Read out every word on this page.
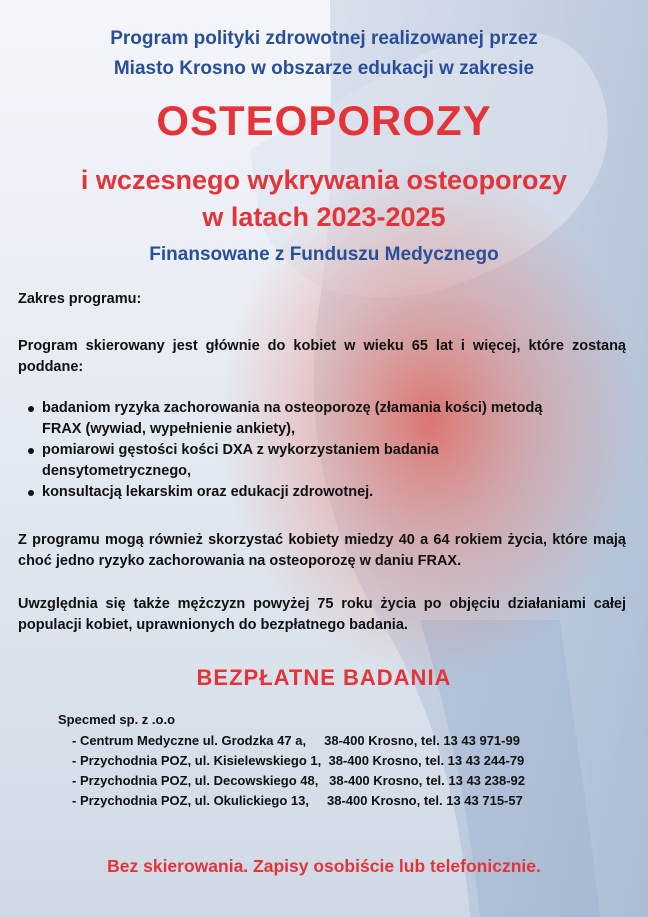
Program polityki zdrowotnej realizowanej przez
Miasto Krosno w obszarze edukacji w zakresie
OSTEOPOROZY
i wczesnego wykrywania osteoporozy
w latach 2023-2025
Finansowane z Funduszu Medycznego
Zakres programu:
Program skierowany jest głównie do kobiet w wieku 65 lat i więcej, które zostaną poddane:
badaniom ryzyka zachorowania na osteoporozę (złamania kości) metodą FRAX (wywiad, wypełnienie ankiety),
pomiarowi gęstości kości DXA z wykorzystaniem badania densytometrycznego,
konsultacją lekarskim oraz edukacji zdrowotnej.
Z programu mogą również skorzystać kobiety miedzy 40 a 64 rokiem życia, które mają choć jedno ryzyko zachorowania na osteoporozę w daniu FRAX.
Uwzględnia się także mężczyzn powyżej 75 roku życia po objęciu działaniami całej populacji kobiet, uprawnionych do bezpłatnego badania.
BEZPŁATNE BADANIA
Specmed sp. z .o.o
- Centrum Medyczne ul. Grodzka 47 a,     38-400 Krosno, tel. 13 43 971-99
- Przychodnia POZ, ul. Kisielewskiego 1,  38-400 Krosno, tel. 13 43 244-79
- Przychodnia POZ, ul. Decowskiego 48,   38-400 Krosno, tel. 13 43 238-92
- Przychodnia POZ, ul. Okulickiego 13,     38-400 Krosno, tel. 13 43 715-57
Bez skierowania. Zapisy osobiście lub telefonicznie.
